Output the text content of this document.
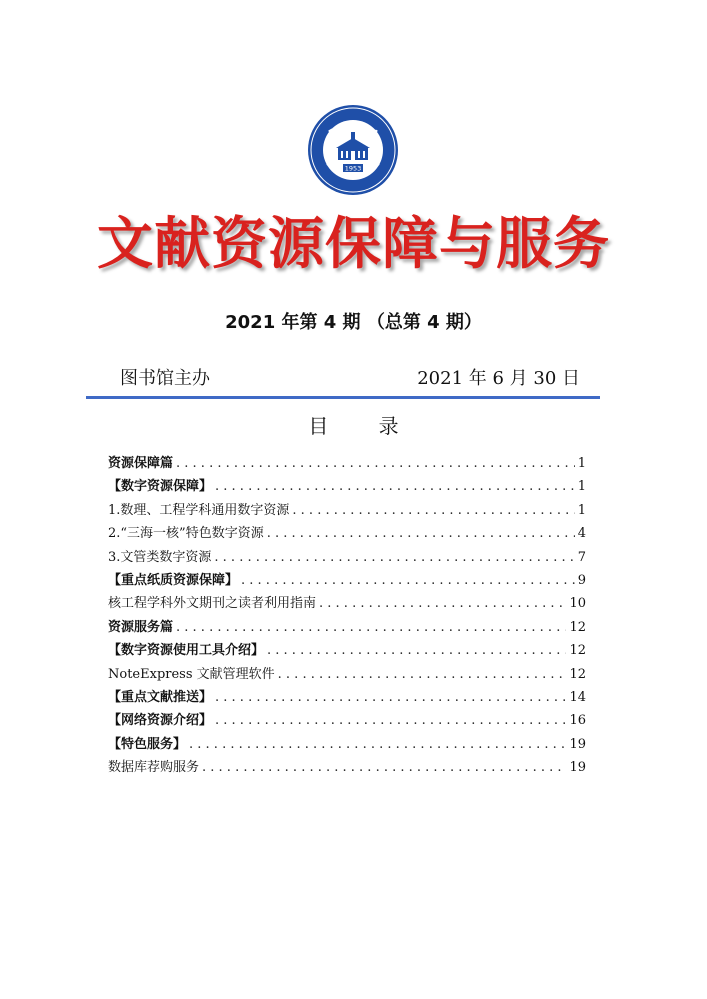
1953
文献资源保障与服务
2021 年第 4 期 （总第 4 期）
图书馆主办	2021 年 6 月 30 日
目 录
资源保障篇 . . .	1
【数字资源保障】 . . .	1
1.数理、工程学科通用数字资源 . . .	1
2.“三海一核”特色数字资源 . . .	4
3.文管类数字资源 . . .	7
【重点纸质资源保障】 . . .	9
核工程学科外文期刊之读者利用指南 . . .	10
资源服务篇 . . .	12
【数字资源使用工具介绍】 . . .	12
NoteExpress 文献管理软件 . . .	12
【重点文献推送】 . . .	14
【网络资源介绍】 . . .	16
【特色服务】 . . .	19
数据库荐购服务 . . .	19
